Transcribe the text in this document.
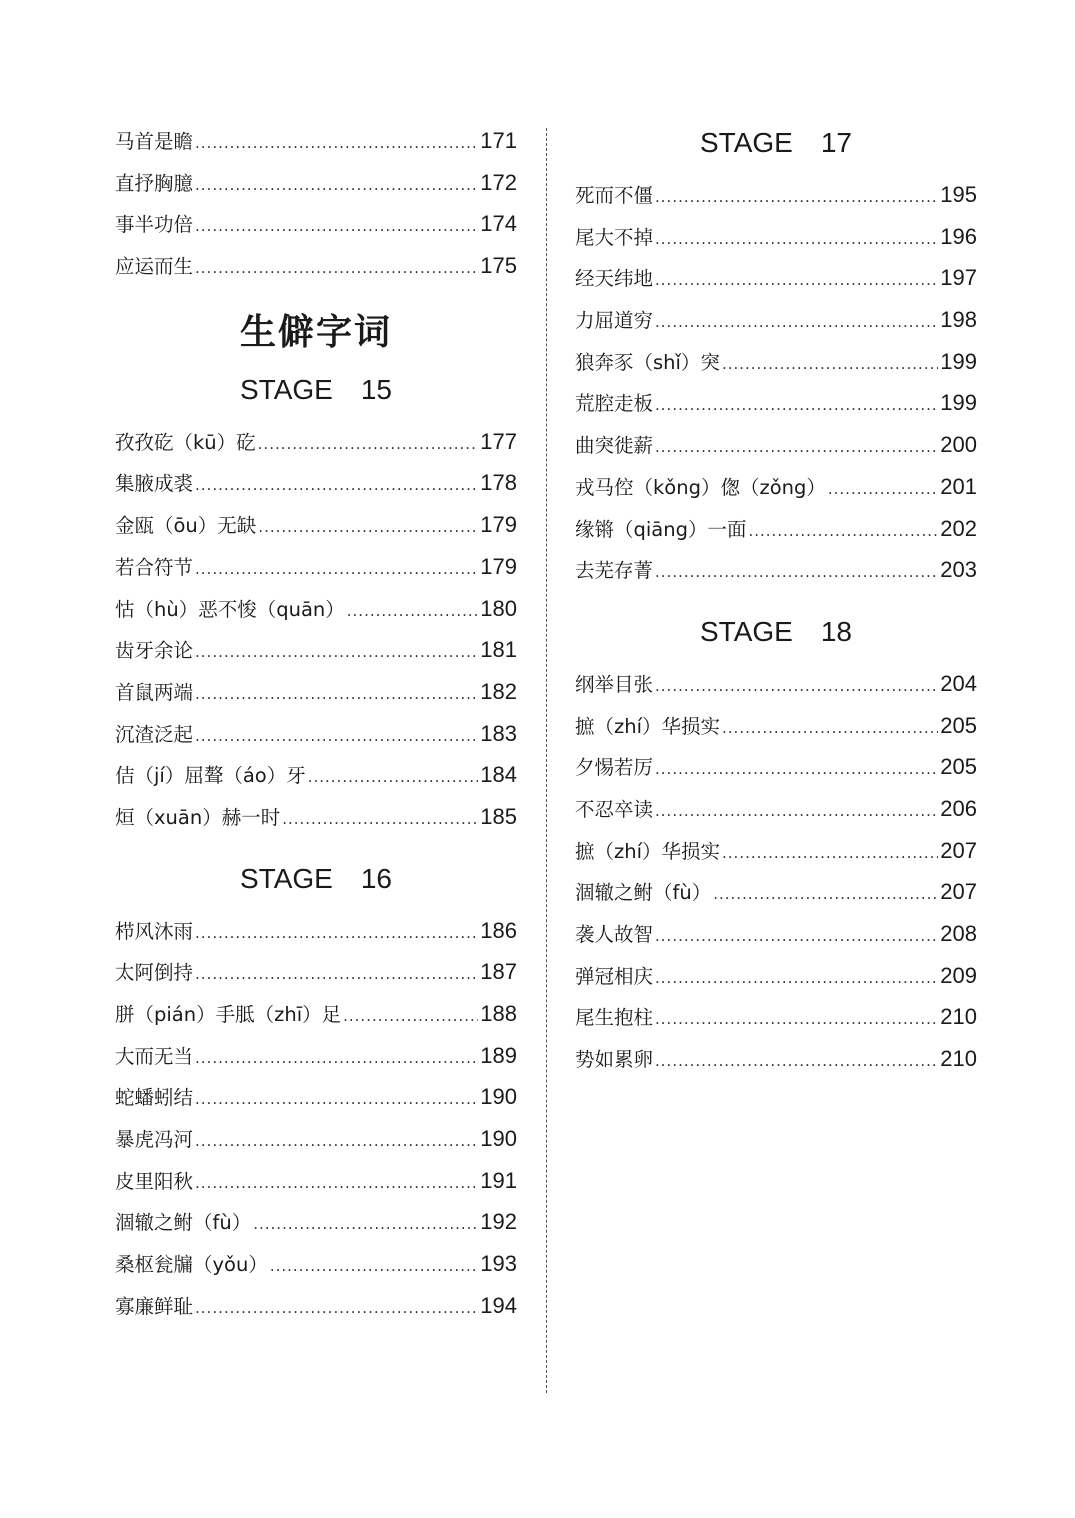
马首是瞻 .....	171
直抒胸臆 .....	172
事半功倍 .....	174
应运而生 .....	175
生僻字词
STAGE　15
孜孜矻（kū）矻 .....	177
集腋成裘 .....	178
金瓯（ōu）无缺 .....	179
若合符节 .....	179
怙（hù）恶不悛（quān） .....	180
齿牙余论 .....	181
首鼠两端 .....	182
沉渣泛起 .....	183
佶（jí）屈聱（áo）牙 .....	184
烜（xuān）赫一时 .....	185
STAGE　16
栉风沐雨 .....	186
太阿倒持 .....	187
胼（pián）手胝（zhī）足 .....	188
大而无当 .....	189
蛇蟠蚓结 .....	190
暴虎冯河 .....	190
皮里阳秋 .....	191
涸辙之鲋（fù） .....	192
桑枢瓮牖（yǒu） .....	193
寡廉鲜耻 .....	194
STAGE　17
死而不僵 .....	195
尾大不掉 .....	196
经天纬地 .....	197
力屈道穷 .....	198
狼奔豕（shǐ）突 .....	199
荒腔走板 .....	199
曲突徙薪 .....	200
戎马倥（kǒng）偬（zǒng） .....	201
缘锵（qiāng）一面 .....	202
去芜存菁 .....	203
STAGE　18
纲举目张 .....	204
摭（zhí）华损实 .....	205
夕惕若厉 .....	205
不忍卒读 .....	206
摭（zhí）华损实 .....	207
涸辙之鲋（fù） .....	207
袭人故智 .....	208
弹冠相庆 .....	209
尾生抱柱 .....	210
势如累卵 .....	210
